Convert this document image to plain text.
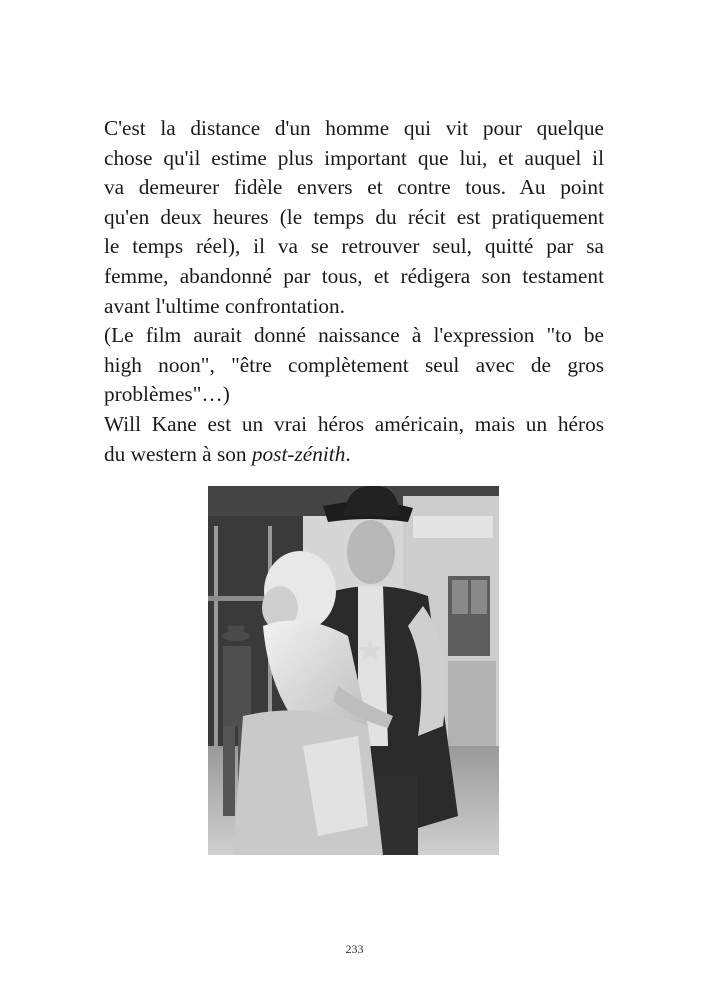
C'est la distance d'un homme qui vit pour quelque
chose qu'il estime plus important que lui, et auquel il
va demeurer fidèle envers et contre tous. Au point
qu'en deux heures (le temps du récit est pratiquement
le temps réel), il va se retrouver seul, quitté par sa
femme, abandonné par tous, et rédigera son testament
avant l'ultime confrontation.

(Le film aurait donné naissance à l'expression "to be
high noon", "être complètement seul avec de gros
problèmes"…)

Will Kane est un vrai héros américain, mais un héros
du western à son post-zénith.

233
